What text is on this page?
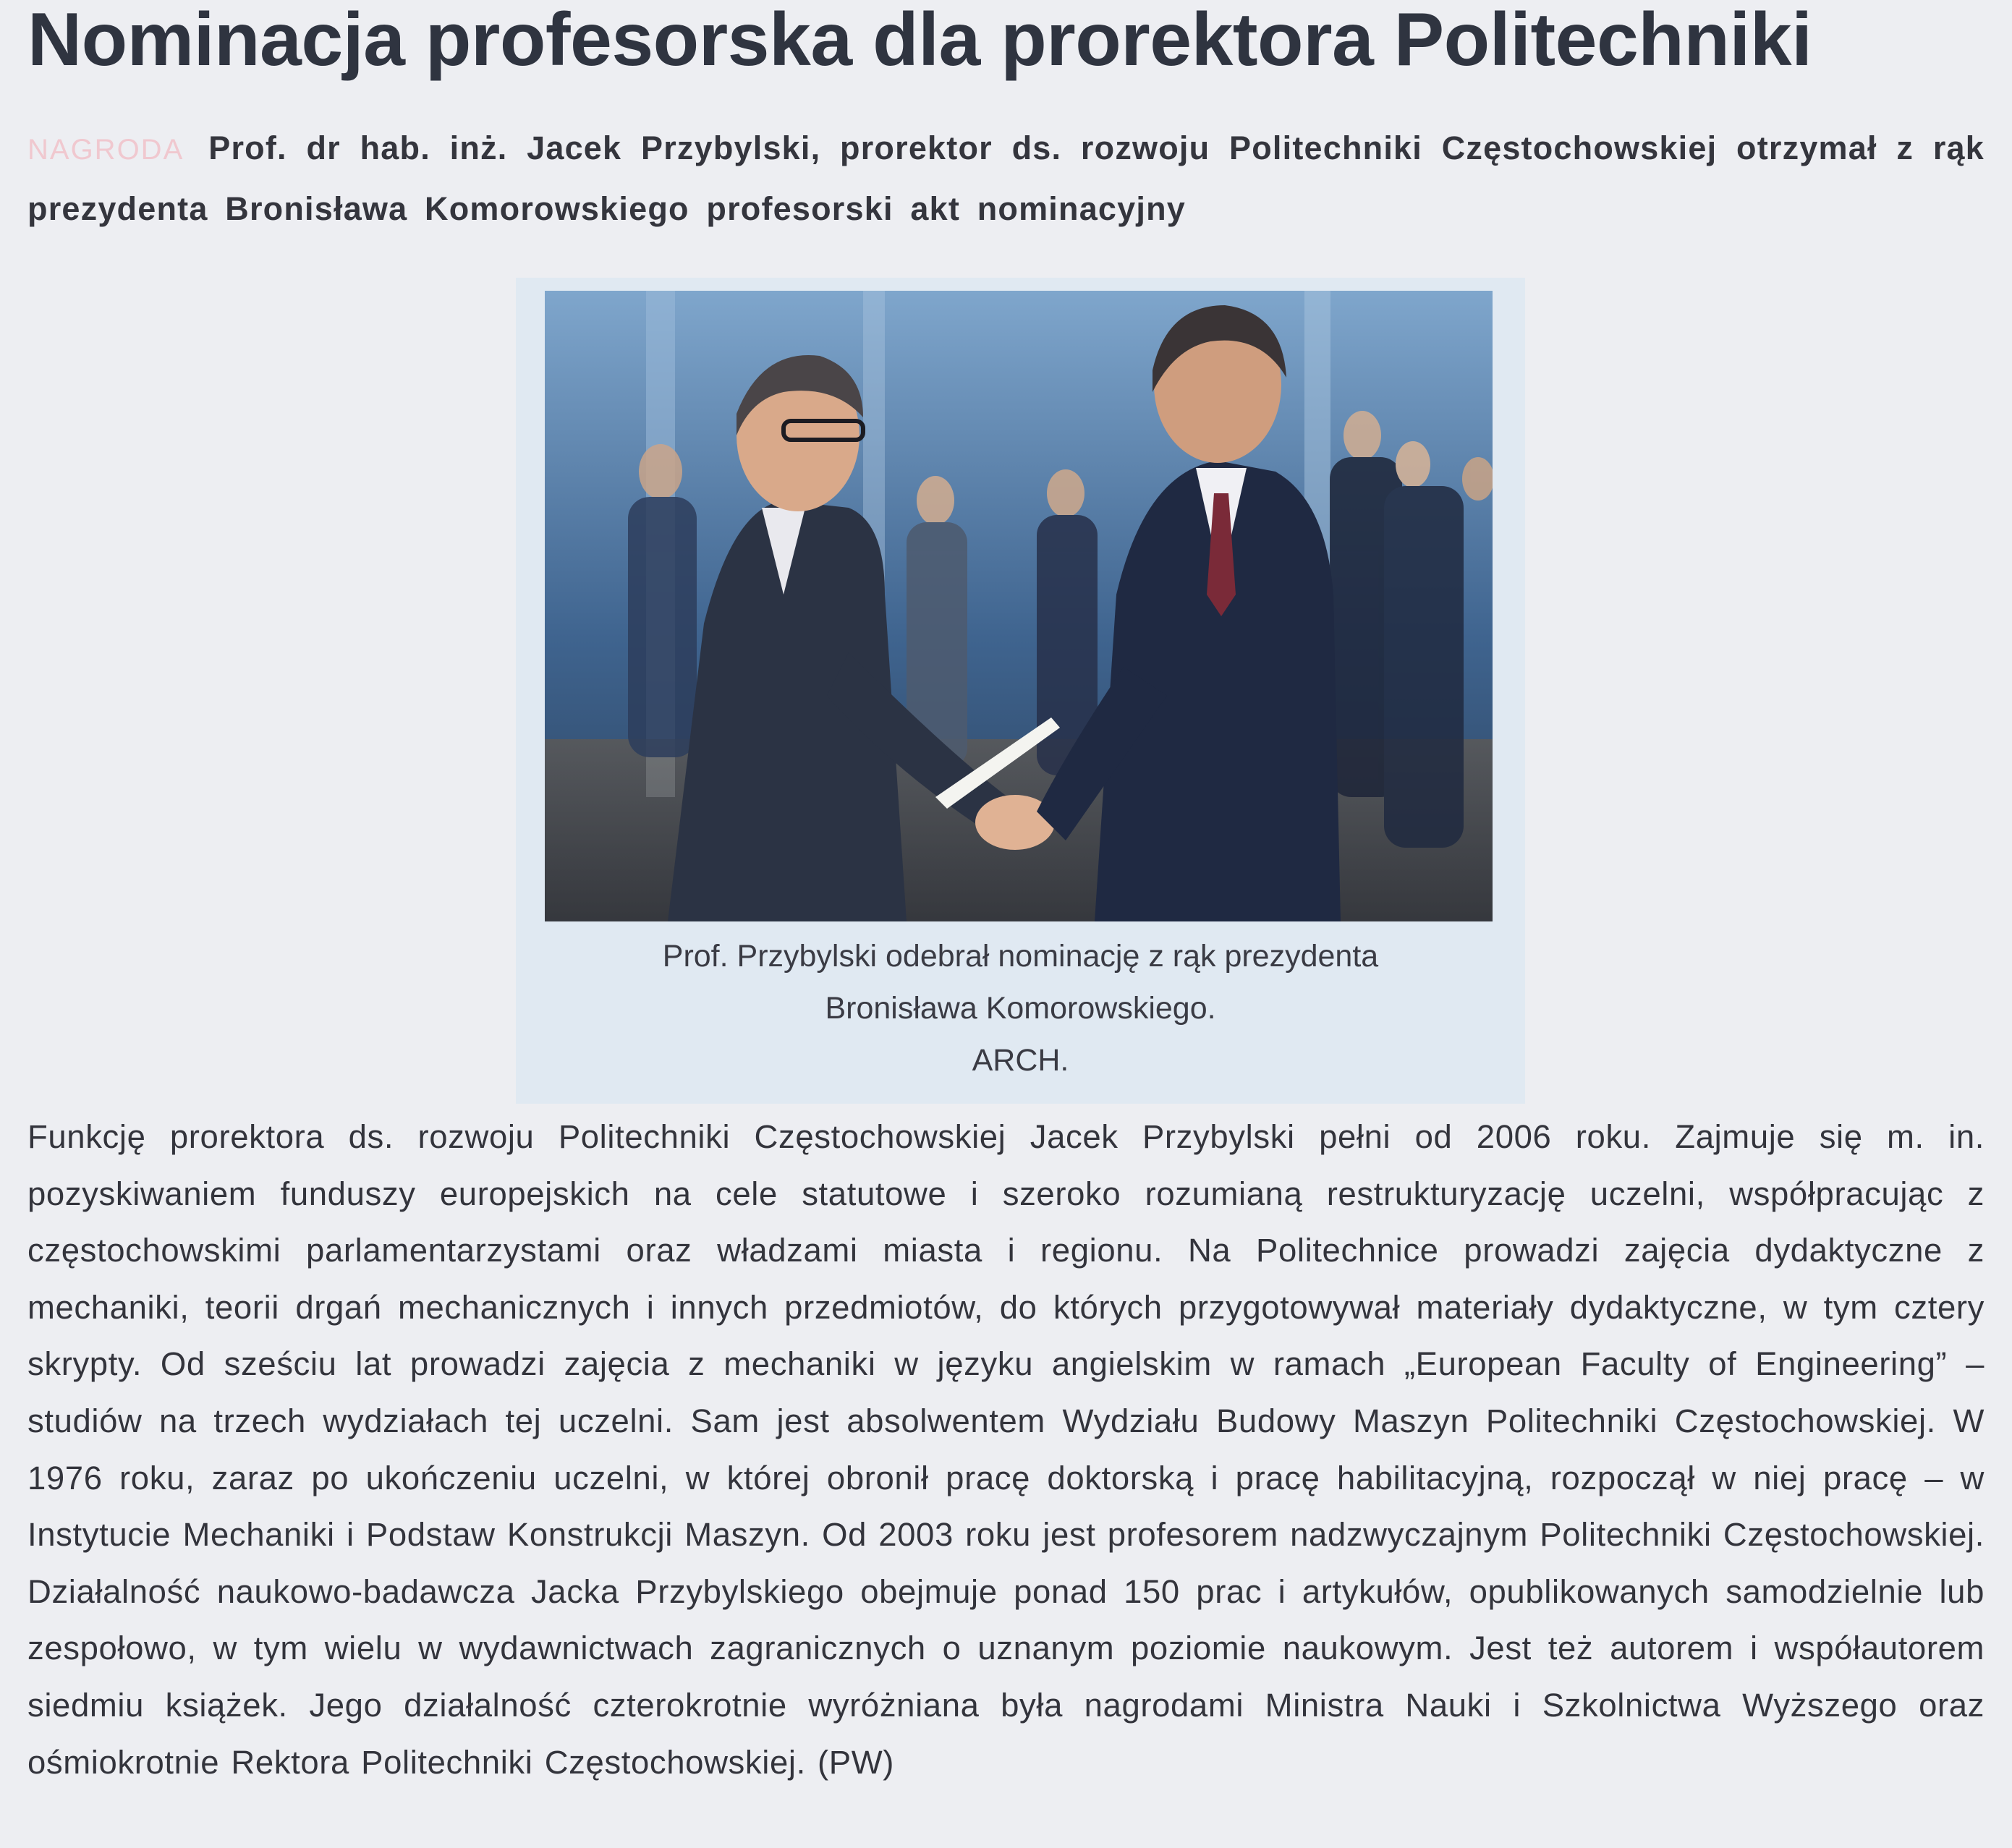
Nominacja profesorska dla prorektora Politechniki

NAGRODA Prof. dr hab. inż. Jacek Przybylski, prorektor ds. rozwoju Politechniki Częstochowskiej otrzymał z rąk prezydenta Bronisława Komorowskiego profesorski akt nominacyjny

Prof. Przybylski odebrał nominację z rąk prezydenta
Bronisława Komorowskiego.
ARCH.

Funkcję prorektora ds. rozwoju Politechniki Częstochowskiej Jacek Przybylski pełni od 2006 roku. Zajmuje się m. in. pozyskiwaniem funduszy europejskich na cele statutowe i szeroko rozumianą restrukturyzację uczelni, współpracując z częstochowskimi parlamentarzystami oraz władzami miasta i regionu. Na Politechnice prowadzi zajęcia dydaktyczne z mechaniki, teorii drgań mechanicznych i innych przedmiotów, do których przygotowywał materiały dydaktyczne, w tym cztery skrypty. Od sześciu lat prowadzi zajęcia z mechaniki w języku angielskim w ramach „European Faculty of Engineering” – studiów na trzech wydziałach tej uczelni. Sam jest absolwentem Wydziału Budowy Maszyn Politechniki Częstochowskiej. W 1976 roku, zaraz po ukończeniu uczelni, w której obronił pracę doktorską i pracę habilitacyjną, rozpoczął w niej pracę – w Instytucie Mechaniki i Podstaw Konstrukcji Maszyn. Od 2003 roku jest profesorem nadzwyczajnym Politechniki Częstochowskiej. Działalność naukowo-badawcza Jacka Przybylskiego obejmuje ponad 150 prac i artykułów, opublikowanych samodzielnie lub zespołowo, w tym wielu w wydawnictwach zagranicznych o uznanym poziomie naukowym. Jest też autorem i współautorem siedmiu książek. Jego działalność czterokrotnie wyróżniana była nagrodami Ministra Nauki i Szkolnictwa Wyższego oraz ośmiokrotnie Rektora Politechniki Częstochowskiej. (PW)
